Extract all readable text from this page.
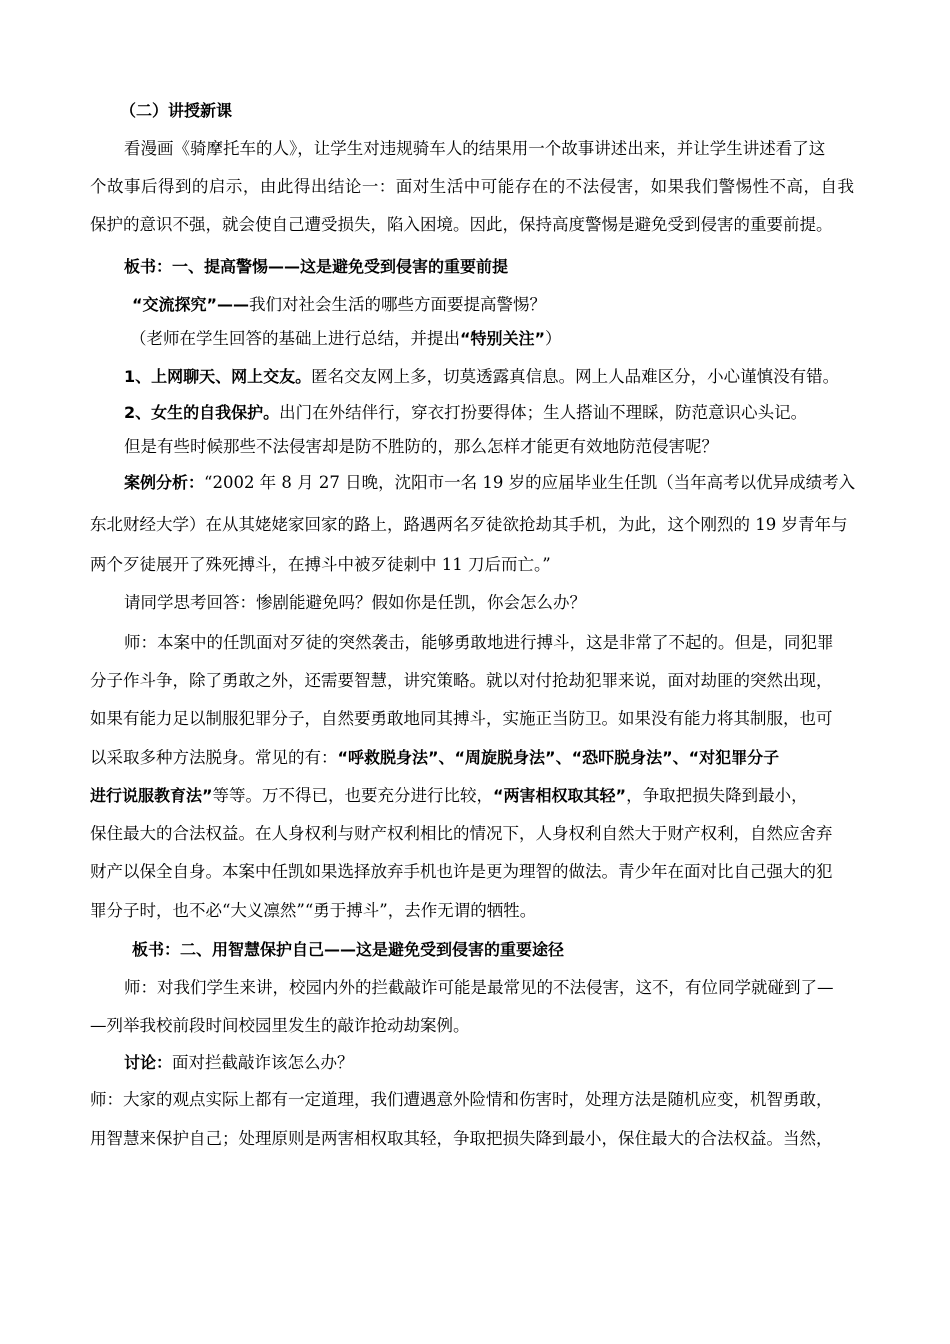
（二）讲授新课
看漫画《骑摩托车的人》，让学生对违规骑车人的结果用一个故事讲述出来，并让学生讲述看了这
个故事后得到的启示，由此得出结论一：面对生活中可能存在的不法侵害，如果我们警惕性不高，自我
保护的意识不强，就会使自己遭受损失，陷入困境。因此，保持高度警惕是避免受到侵害的重要前提。
板书：一、提高警惕——这是避免受到侵害的重要前提
“交流探究”——我们对社会生活的哪些方面要提高警惕？
（老师在学生回答的基础上进行总结，并提出“特别关注”）
1、上网聊天、网上交友。匿名交友网上多，切莫透露真信息。网上人品难区分，小心谨慎没有错。
2、女生的自我保护。出门在外结伴行，穿衣打扮要得体；生人搭讪不理睬，防范意识心头记。
但是有些时候那些不法侵害却是防不胜防的，那么怎样才能更有效地防范侵害呢？
案例分析：“2002 年 8 月 27 日晚，沈阳市一名 19 岁的应届毕业生任凯（当年高考以优异成绩考入
东北财经大学）在从其姥姥家回家的路上，路遇两名歹徒欲抢劫其手机，为此，这个刚烈的 19 岁青年与
两个歹徒展开了殊死搏斗，在搏斗中被歹徒刺中 11 刀后而亡。”
请同学思考回答：惨剧能避免吗？假如你是任凯，你会怎么办？
师：本案中的任凯面对歹徒的突然袭击，能够勇敢地进行搏斗，这是非常了不起的。但是，同犯罪
分子作斗争，除了勇敢之外，还需要智慧，讲究策略。就以对付抢劫犯罪来说，面对劫匪的突然出现，
如果有能力足以制服犯罪分子，自然要勇敢地同其搏斗，实施正当防卫。如果没有能力将其制服，也可
以采取多种方法脱身。常见的有：“呼救脱身法”、“周旋脱身法”、“恐吓脱身法”、“对犯罪分子
进行说服教育法”等等。万不得已，也要充分进行比较，“两害相权取其轻”，争取把损失降到最小，
保住最大的合法权益。在人身权利与财产权利相比的情况下，人身权利自然大于财产权利，自然应舍弃
财产以保全自身。本案中任凯如果选择放弃手机也许是更为理智的做法。青少年在面对比自己强大的犯
罪分子时，也不必“大义凛然”“勇于搏斗”，去作无谓的牺牲。
板书：二、用智慧保护自己——这是避免受到侵害的重要途径
师：对我们学生来讲，校园内外的拦截敲诈可能是最常见的不法侵害，这不，有位同学就碰到了—
—列举我校前段时间校园里发生的敲诈抢动劫案例。
讨论：面对拦截敲诈该怎么办？
师：大家的观点实际上都有一定道理，我们遭遇意外险情和伤害时，处理方法是随机应变，机智勇敢，
用智慧来保护自己；处理原则是两害相权取其轻，争取把损失降到最小，保住最大的合法权益。当然，
